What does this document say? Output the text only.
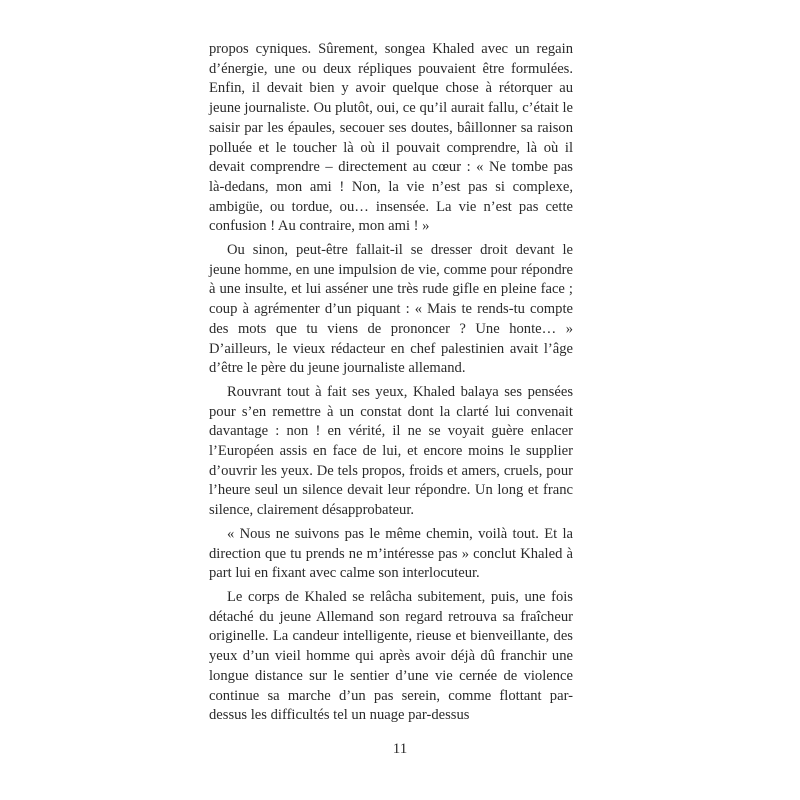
propos cyniques. Sûrement, songea Khaled avec un regain d’énergie, une ou deux répliques pouvaient être formulées. Enfin, il devait bien y avoir quelque chose à rétorquer au jeune journaliste. Ou plutôt, oui, ce qu’il aurait fallu, c’était le saisir par les épaules, secouer ses doutes, bâillonner sa raison polluée et le toucher là où il pouvait comprendre, là où il devait comprendre – directement au cœur : « Ne tombe pas là-dedans, mon ami ! Non, la vie n’est pas si complexe, ambigüe, ou tordue, ou… insensée. La vie n’est pas cette confusion ! Au contraire, mon ami ! »

Ou sinon, peut-être fallait-il se dresser droit devant le jeune homme, en une impulsion de vie, comme pour répondre à une insulte, et lui asséner une très rude gifle en pleine face ; coup à agrémenter d’un piquant : « Mais te rends-tu compte des mots que tu viens de prononcer ? Une honte… » D’ailleurs, le vieux rédacteur en chef palestinien avait l’âge d’être le père du jeune journaliste allemand.

Rouvrant tout à fait ses yeux, Khaled balaya ses pensées pour s’en remettre à un constat dont la clarté lui convenait davantage : non ! en vérité, il ne se voyait guère enlacer l’Européen assis en face de lui, et encore moins le supplier d’ouvrir les yeux. De tels propos, froids et amers, cruels, pour l’heure seul un silence devait leur répondre. Un long et franc silence, clairement désapprobateur.

« Nous ne suivons pas le même chemin, voilà tout. Et la direction que tu prends ne m’intéresse pas » conclut Khaled à part lui en fixant avec calme son interlocuteur.

Le corps de Khaled se relâcha subitement, puis, une fois détaché du jeune Allemand son regard retrouva sa fraîcheur originelle. La candeur intelligente, rieuse et bienveillante, des yeux d’un vieil homme qui après avoir déjà dû franchir une longue distance sur le sentier d’une vie cernée de violence continue sa marche d’un pas serein, comme flottant par-dessus les difficultés tel un nuage par-dessus

11
